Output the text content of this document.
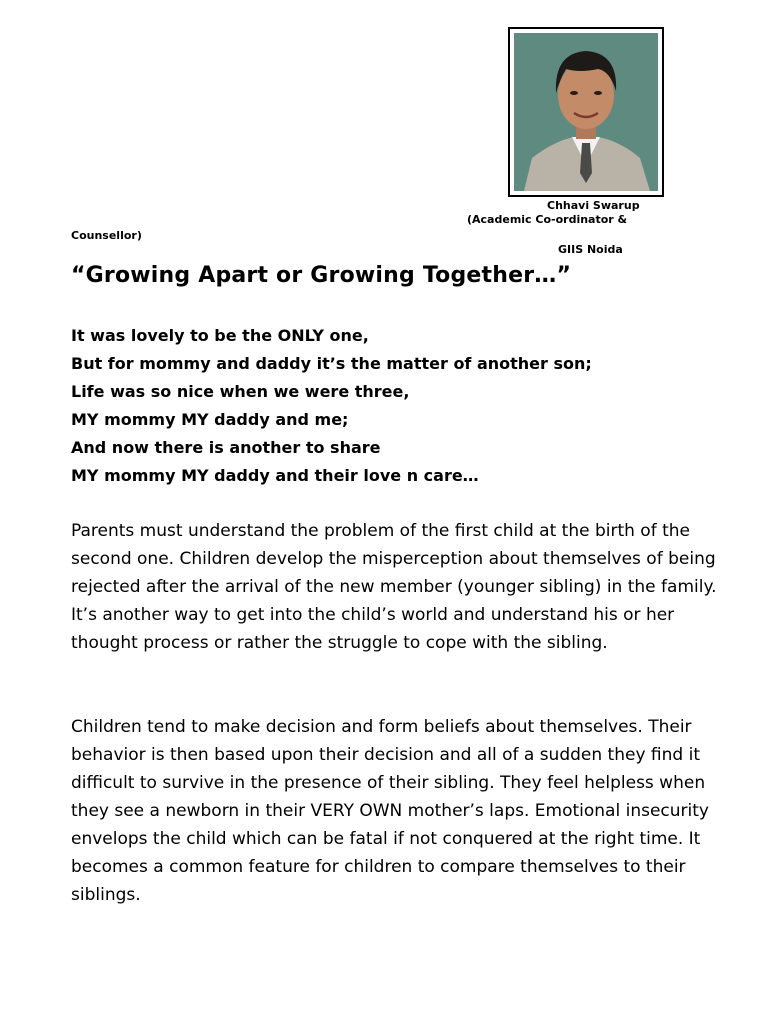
Chhavi Swarup
(Academic Co-ordinator &
Counsellor)
GIIS Noida
“Growing Apart or Growing Together…”
It was lovely to be the ONLY one,
But for mommy and daddy it’s the matter of another son;
Life was so nice when we were three,
MY mommy MY daddy and me;
And now there is another to share
MY mommy MY daddy and their love n care…
Parents must understand the problem of the first child at the birth of the second one. Children develop the misperception about themselves of being rejected after the arrival of the new member (younger sibling) in the family.
It’s another way to get into the child’s world and understand his or her thought process or rather the struggle to cope with the sibling.
Children tend to make decision and form beliefs about themselves. Their behavior is then based upon their decision and all of a sudden they find it difficult to survive in the presence of their sibling. They feel helpless when they see a newborn in their VERY OWN mother’s laps. Emotional insecurity envelops the child which can be fatal if not conquered at the right time. It becomes a common feature for children to compare themselves to their siblings.
